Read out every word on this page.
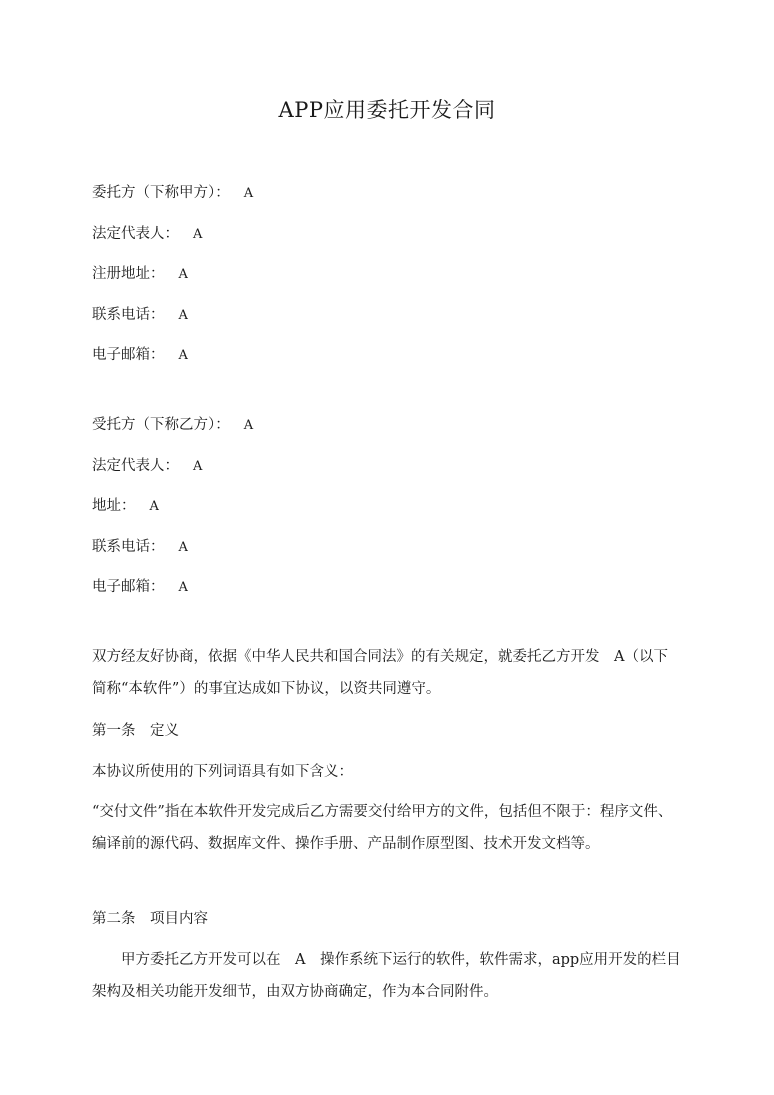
APP应用委托开发合同
委托方（下称甲方）： A
法定代表人： A
注册地址： A
联系电话： A
电子邮箱： A
受托方（下称乙方）： A
法定代表人： A
地址： A
联系电话： A
电子邮箱： A
双方经友好协商，依据《中华人民共和国合同法》的有关规定，就委托乙方开发　A（以下简称“本软件”）的事宜达成如下协议，以资共同遵守。
第一条　定义
本协议所使用的下列词语具有如下含义：
“交付文件”指在本软件开发完成后乙方需要交付给甲方的文件，包括但不限于：程序文件、编译前的源代码、数据库文件、操作手册、产品制作原型图、技术开发文档等。
第二条　项目内容
甲方委托乙方开发可以在　A　操作系统下运行的软件，软件需求，app应用开发的栏目架构及相关功能开发细节，由双方协商确定，作为本合同附件。
